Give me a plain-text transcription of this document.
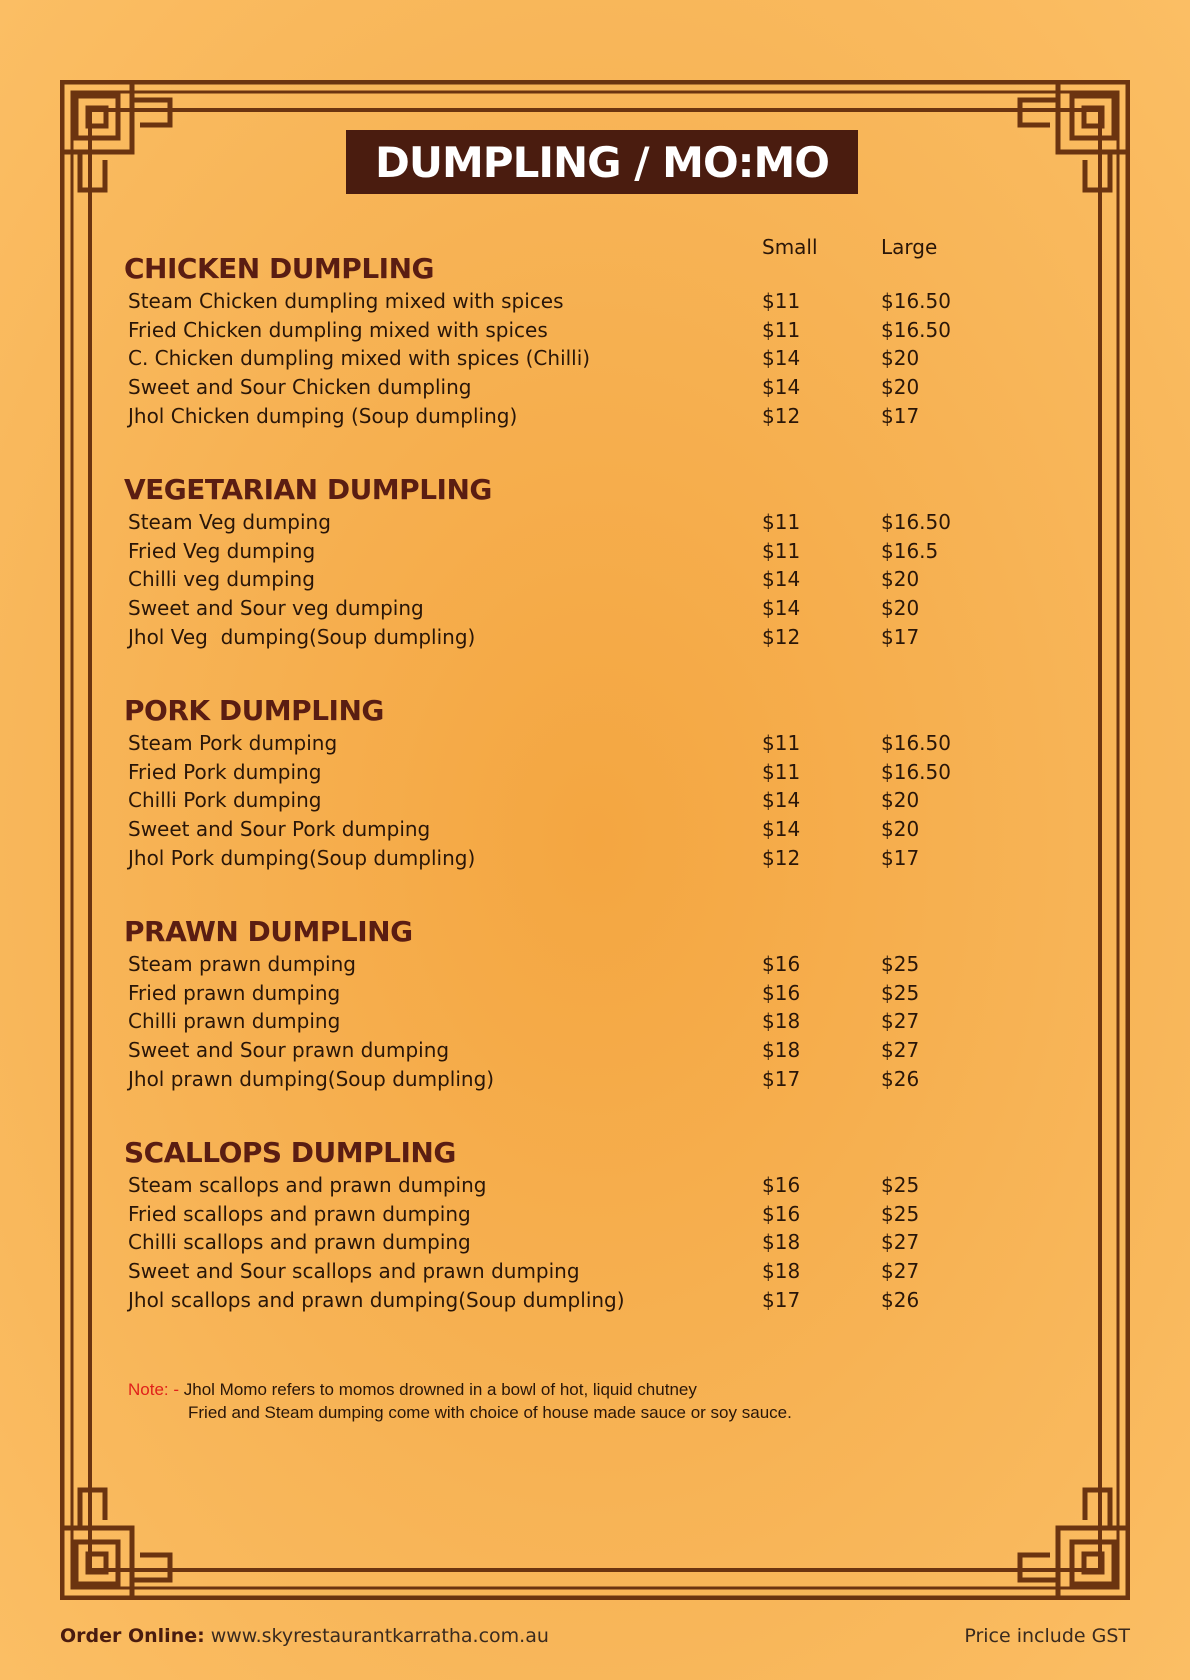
DUMPLING / MO:MO
Small	Large
CHICKEN DUMPLING
Steam Chicken dumpling mixed with spices	$11	$16.50
Fried Chicken dumpling mixed with spices	$11	$16.50
C. Chicken dumpling mixed with spices (Chilli)	$14	$20
Sweet and Sour Chicken dumpling	$14	$20
Jhol Chicken dumping (Soup dumpling)	$12	$17
VEGETARIAN DUMPLING
Steam Veg dumping	$11	$16.50
Fried Veg dumping	$11	$16.5
Chilli veg dumping	$14	$20
Sweet and Sour veg dumping	$14	$20
Jhol Veg  dumping(Soup dumpling)	$12	$17
PORK DUMPLING
Steam Pork dumping	$11	$16.50
Fried Pork dumping	$11	$16.50
Chilli Pork dumping	$14	$20
Sweet and Sour Pork dumping	$14	$20
Jhol Pork dumping(Soup dumpling)	$12	$17
PRAWN DUMPLING
Steam prawn dumping	$16	$25
Fried prawn dumping	$16	$25
Chilli prawn dumping	$18	$27
Sweet and Sour prawn dumping	$18	$27
Jhol prawn dumping(Soup dumpling)	$17	$26
SCALLOPS DUMPLING
Steam scallops and prawn dumping	$16	$25
Fried scallops and prawn dumping	$16	$25
Chilli scallops and prawn dumping	$18	$27
Sweet and Sour scallops and prawn dumping	$18	$27
Jhol scallops and prawn dumping(Soup dumpling)	$17	$26
Note: - Jhol Momo refers to momos drowned in a bowl of hot, liquid chutney
Fried and Steam dumping come with choice of house made sauce or soy sauce.
Order Online: www.skyrestaurantkarratha.com.au	Price include GST
